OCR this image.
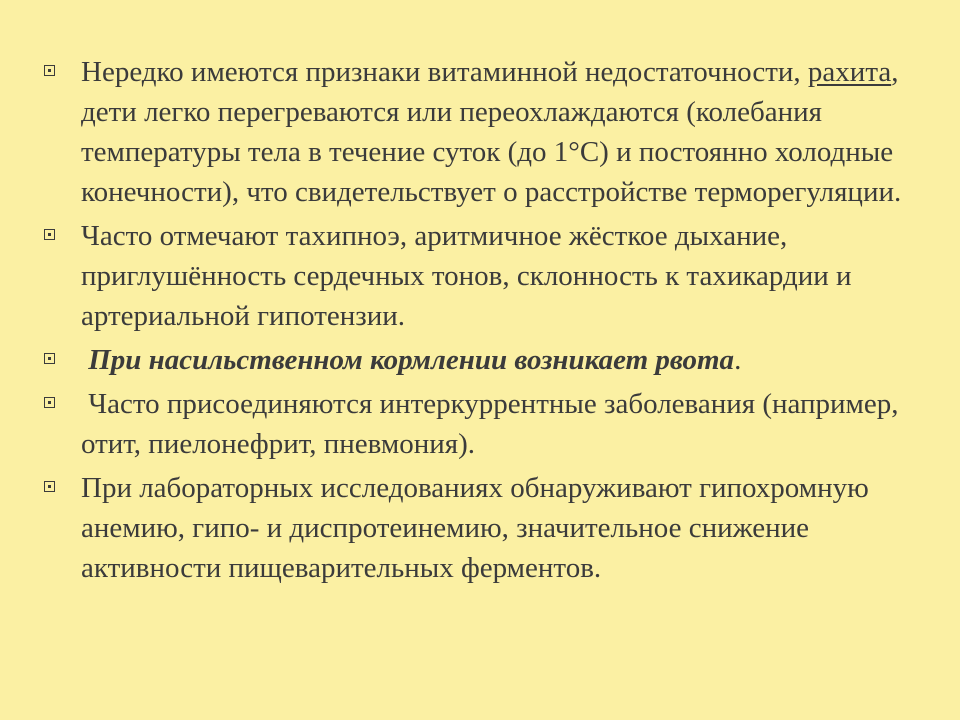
Нередко имеются признаки витаминной недостаточности, рахита, дети легко перегреваются или переохлаждаются (колебания температуры тела в течение суток (до 1°С) и постоянно холодные конечности), что свидетельствует о расстройстве терморегуляции.
Часто отмечают тахипноэ, аритмичное жёсткое дыхание, приглушённость сердечных тонов, склонность к тахикардии и артериальной гипотензии.
При насильственном кормлении возникает рвота.
Часто присоединяются интеркуррентные заболевания (например, отит, пиелонефрит, пневмония).
При лабораторных исследованиях обнаруживают гипохромную анемию, гипо- и диспротеинемию, значительное снижение активности пищеварительных ферментов.
